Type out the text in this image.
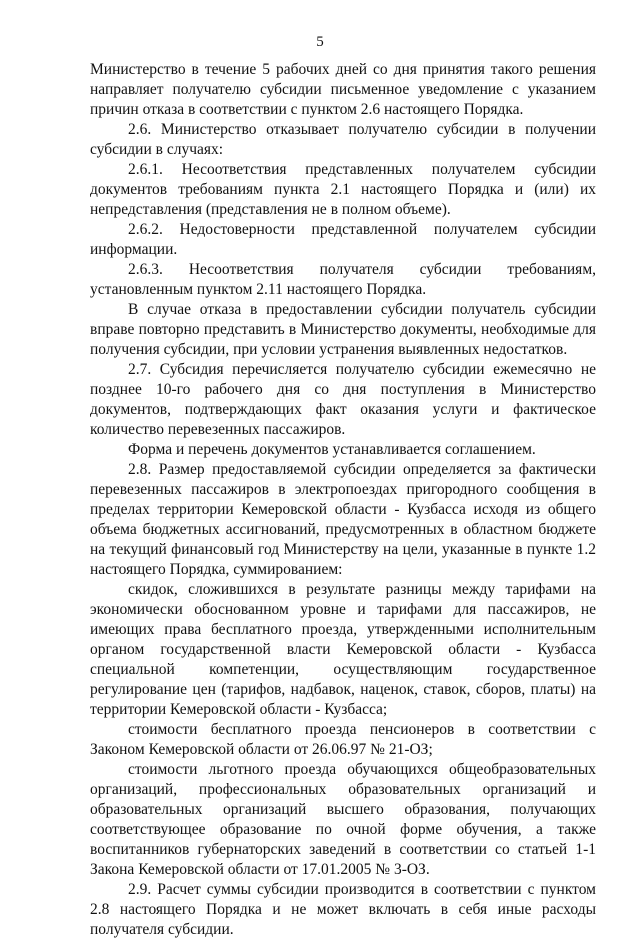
5

Министерство в течение 5 рабочих дней со дня принятия такого решения направляет получателю субсидии письменное уведомление с указанием причин отказа в соответствии с пунктом 2.6 настоящего Порядка.

2.6. Министерство отказывает получателю субсидии в получении субсидии в случаях:

2.6.1. Несоответствия представленных получателем субсидии документов требованиям пункта 2.1 настоящего Порядка и (или) их непредставления (представления не в полном объеме).

2.6.2. Недостоверности представленной получателем субсидии информации.

2.6.3. Несоответствия получателя субсидии требованиям, установленным пунктом 2.11 настоящего Порядка.

В случае отказа в предоставлении субсидии получатель субсидии вправе повторно представить в Министерство документы, необходимые для получения субсидии, при условии устранения выявленных недостатков.

2.7. Субсидия перечисляется получателю субсидии ежемесячно не позднее 10-го рабочего дня со дня поступления в Министерство документов, подтверждающих факт оказания услуги и фактическое количество перевезенных пассажиров.

Форма и перечень документов устанавливается соглашением.

2.8. Размер предоставляемой субсидии определяется за фактически перевезенных пассажиров в электропоездах пригородного сообщения в пределах территории Кемеровской области - Кузбасса исходя из общего объема бюджетных ассигнований, предусмотренных в областном бюджете на текущий финансовый год Министерству на цели, указанные в пункте 1.2 настоящего Порядка, суммированием:

скидок, сложившихся в результате разницы между тарифами на экономически обоснованном уровне и тарифами для пассажиров, не имеющих права бесплатного проезда, утвержденными исполнительным органом государственной власти Кемеровской области - Кузбасса специальной компетенции, осуществляющим государственное регулирование цен (тарифов, надбавок, наценок, ставок, сборов, платы) на территории Кемеровской области - Кузбасса;

стоимости бесплатного проезда пенсионеров в соответствии с Законом Кемеровской области от 26.06.97 № 21-ОЗ;

стоимости льготного проезда обучающихся общеобразовательных организаций, профессиональных образовательных организаций и образовательных организаций высшего образования, получающих соответствующее образование по очной форме обучения, а также воспитанников губернаторских заведений в соответствии со статьей 1-1 Закона Кемеровской области от 17.01.2005 № 3-ОЗ.

2.9. Расчет суммы субсидии производится в соответствии с пунктом 2.8 настоящего Порядка и не может включать в себя иные расходы получателя субсидии.
